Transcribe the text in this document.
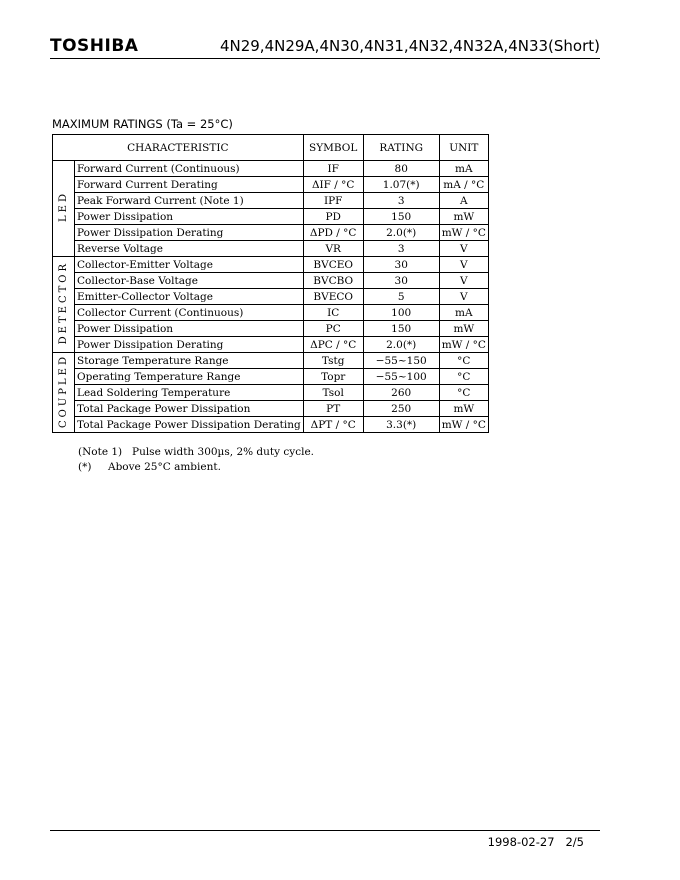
TOSHIBA	4N29,4N29A,4N30,4N31,4N32,4N32A,4N33(Short)
MAXIMUM RATINGS (Ta = 25°C)
CHARACTERISTIC		SYMBOL	RATING	UNIT
LED	Forward Current (Continuous)	IF	80	mA
	Forward Current Derating	ΔIF / °C	1.07(*)	mA / °C
	Peak Forward Current (Note 1)	IPF	3	A
	Power Dissipation	PD	150	mW
	Power Dissipation Derating	ΔPD / °C	2.0(*)	mW / °C
	Reverse Voltage	VR	3	V
DETECTOR	Collector-Emitter Voltage	BVCEO	30	V
	Collector-Base Voltage	BVCBO	30	V
	Emitter-Collector Voltage	BVECO	5	V
	Collector Current (Continuous)	IC	100	mA
	Power Dissipation	PC	150	mW
	Power Dissipation Derating	ΔPC / °C	2.0(*)	mW / °C
COUPLED	Storage Temperature Range	Tstg	−55~150	°C
	Operating Temperature Range	Topr	−55~100	°C
	Lead Soldering Temperature	Tsol	260	°C
	Total Package Power Dissipation	PT	250	mW
	Total Package Power Dissipation Derating	ΔPT / °C	3.3(*)	mW / °C
(Note 1) Pulse width 300µs, 2% duty cycle.
(*) Above 25°C ambient.
1998-02-27 2/5
